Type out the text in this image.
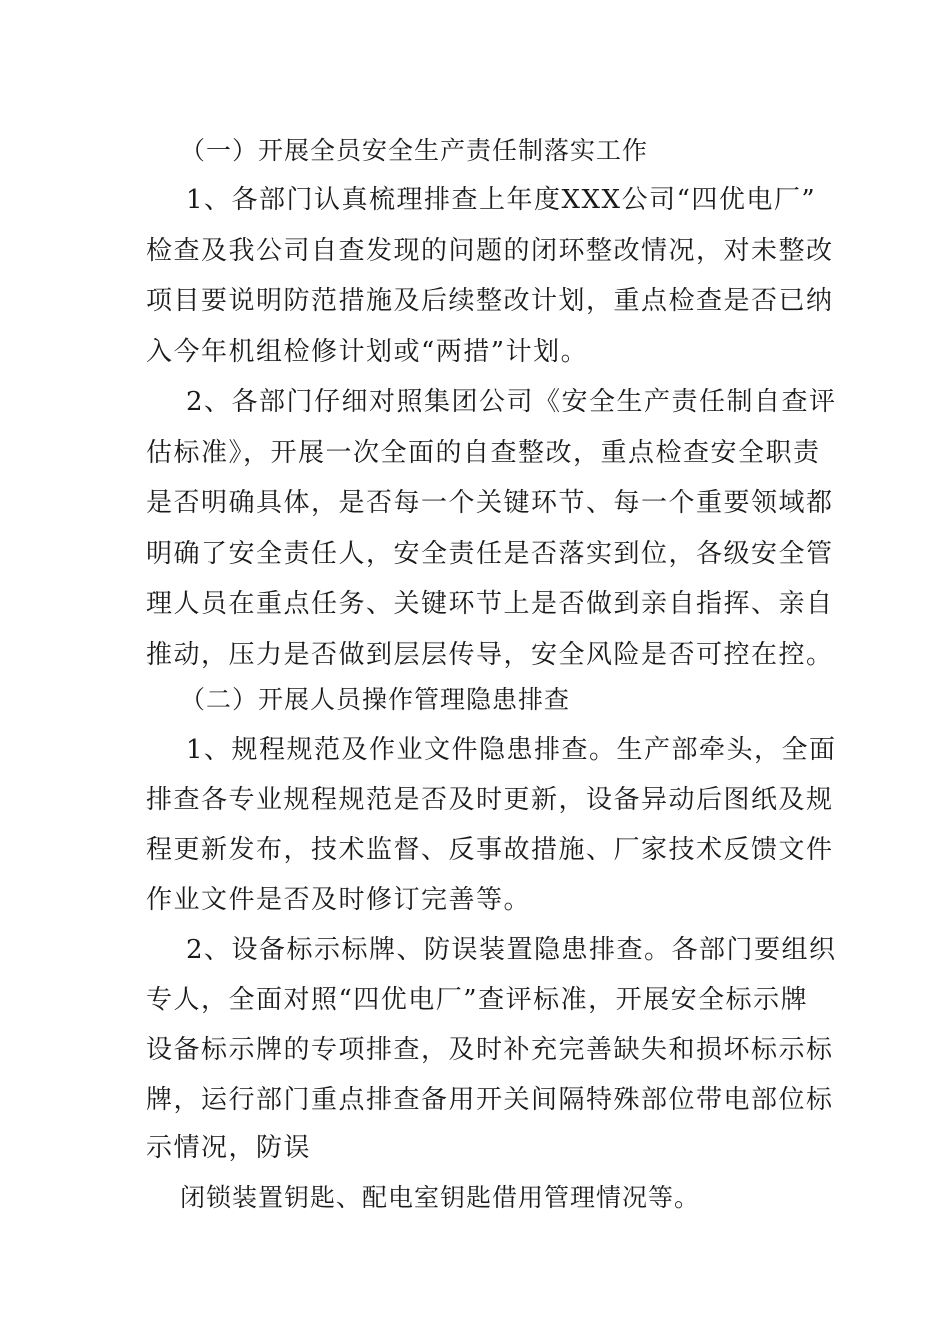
（一）开展全员安全生产责任制落实工作
1、各部门认真梳理排查上年度XXX公司“四优电厂”
检查及我公司自查发现的问题的闭环整改情况，对未整改
项目要说明防范措施及后续整改计划，重点检查是否已纳
入今年机组检修计划或“两措”计划。
2、各部门仔细对照集团公司《安全生产责任制自查评
估标准》，开展一次全面的自查整改，重点检查安全职责
是否明确具体，是否每一个关键环节、每一个重要领域都
明确了安全责任人，安全责任是否落实到位，各级安全管
理人员在重点任务、关键环节上是否做到亲自指挥、亲自
推动，压力是否做到层层传导，安全风险是否可控在控。
（二）开展人员操作管理隐患排查
1、规程规范及作业文件隐患排查。生产部牵头，全面
排查各专业规程规范是否及时更新，设备异动后图纸及规
程更新发布，技术监督、反事故措施、厂家技术反馈文件
作业文件是否及时修订完善等。
2、设备标示标牌、防误装置隐患排查。各部门要组织
专人，全面对照“四优电厂”查评标准，开展安全标示牌
设备标示牌的专项排查，及时补充完善缺失和损坏标示标
牌，运行部门重点排查备用开关间隔特殊部位带电部位标
示情况，防误
闭锁装置钥匙、配电室钥匙借用管理情况等。
